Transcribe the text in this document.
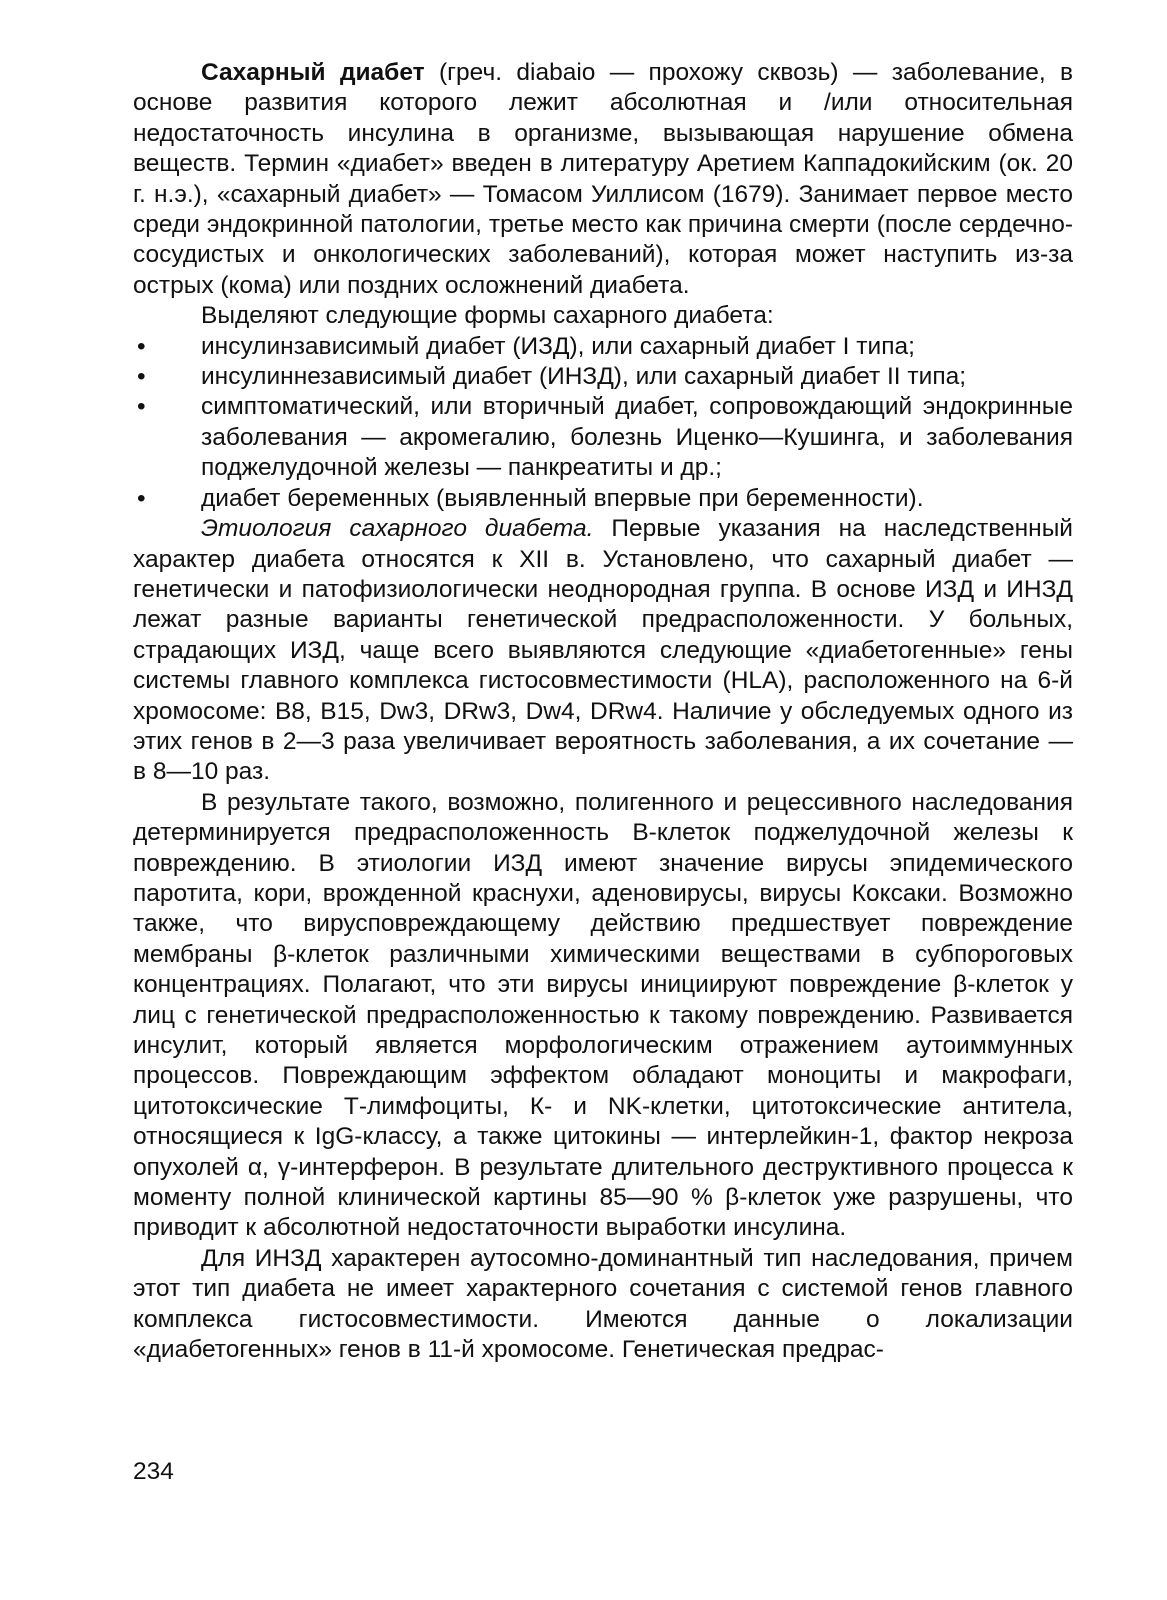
Сахарный диабет (греч. diabaio — прохожу сквозь) — заболевание, в основе развития которого лежит абсолютная и /или относительная недостаточность инсулина в организме, вызывающая нарушение обмена веществ. Термин «диабет» введен в литературу Аретием Каппадокийским (ок. 20 г. н.э.), «сахарный диабет» — Томасом Уиллисом (1679). Занимает первое место среди эндокринной патологии, третье место как причина смерти (после сердечно-сосудистых и онкологических заболеваний), которая может наступить из-за острых (кома) или поздних осложнений диабета.

Выделяют следующие формы сахарного диабета:

• инсулинзависимый диабет (ИЗД), или сахарный диабет I типа;
• инсулиннезависимый диабет (ИНЗД), или сахарный диабет II типа;
• симптоматический, или вторичный диабет, сопровождающий эндокринные заболевания — акромегалию, болезнь Иценко—Кушинга, и заболевания поджелудочной железы — панкреатиты и др.;
• диабет беременных (выявленный впервые при беременности).

Этиология сахарного диабета. Первые указания на наследственный характер диабета относятся к XII в. Установлено, что сахарный диабет — генетически и патофизиологически неоднородная группа. В основе ИЗД и ИНЗД лежат разные варианты генетической предрасположенности. У больных, страдающих ИЗД, чаще всего выявляются следующие «диабетогенные» гены системы главного комплекса гистосовместимости (HLA), расположенного на 6-й хромосоме: B8, B15, Dw3, DRw3, Dw4, DRw4. Наличие у обследуемых одного из этих генов в 2—3 раза увеличивает вероятность заболевания, а их сочетание — в 8—10 раз.

В результате такого, возможно, полигенного и рецессивного наследования детерминируется предрасположенность В-клеток поджелудочной железы к повреждению. В этиологии ИЗД имеют значение вирусы эпидемического паротита, кори, врожденной краснухи, аденовирусы, вирусы Коксаки. Возможно также, что вирусповреждающему действию предшествует повреждение мембраны β-клеток различными химическими веществами в субпороговых концентрациях. Полагают, что эти вирусы инициируют повреждение β-клеток у лиц с генетической предрасположенностью к такому повреждению. Развивается инсулит, который является морфологическим отражением аутоиммунных процессов. Повреждающим эффектом обладают моноциты и макрофаги, цитотоксические Т-лимфоциты, К- и NK-клетки, цитотоксические антитела, относящиеся к IgG-классу, а также цитокины — интерлейкин-1, фактор некроза опухолей α, γ-интерферон. В результате длительного деструктивного процесса к моменту полной клинической картины 85—90 % β-клеток уже разрушены, что приводит к абсолютной недостаточности выработки инсулина.

Для ИНЗД характерен аутосомно-доминантный тип наследования, причем этот тип диабета не имеет характерного сочетания с системой генов главного комплекса гистосовместимости. Имеются данные о локализации «диабетогенных» генов в 11-й хромосоме. Генетическая предрас-

234
